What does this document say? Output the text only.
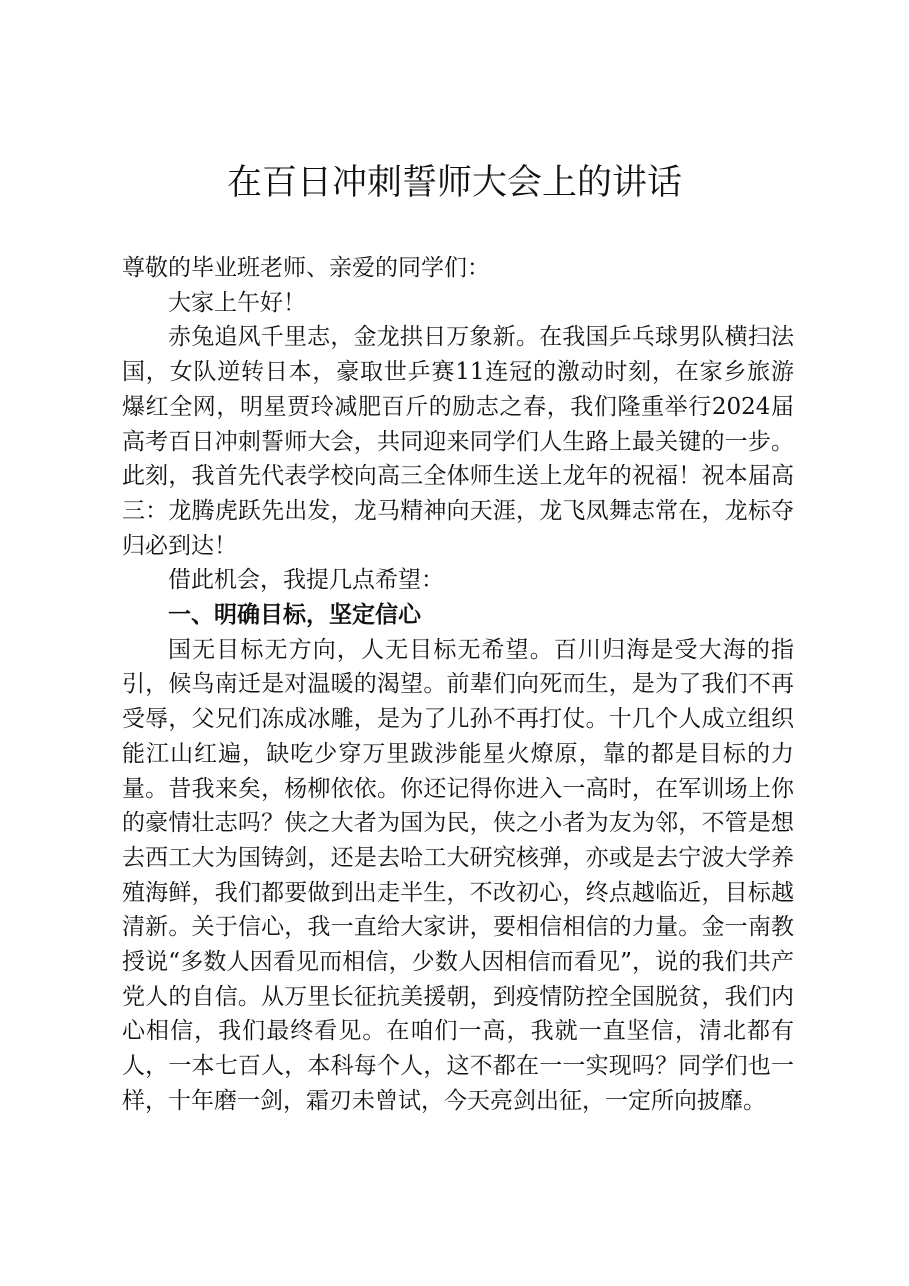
在百日冲刺誓师大会上的讲话

尊敬的毕业班老师、亲爱的同学们：

大家上午好！

赤兔追风千里志，金龙拱日万象新。在我国乒乓球男队横扫法国，女队逆转日本，豪取世乒赛11连冠的激动时刻，在家乡旅游爆红全网，明星贾玲减肥百斤的励志之春，我们隆重举行2024届高考百日冲刺誓师大会，共同迎来同学们人生路上最关键的一步。此刻，我首先代表学校向高三全体师生送上龙年的祝福！祝本届高三：龙腾虎跃先出发，龙马精神向天涯，龙飞凤舞志常在，龙标夺归必到达！

借此机会，我提几点希望：

一、明确目标，坚定信心

国无目标无方向，人无目标无希望。百川归海是受大海的指引，候鸟南迁是对温暖的渴望。前辈们向死而生，是为了我们不再受辱，父兄们冻成冰雕，是为了儿孙不再打仗。十几个人成立组织能江山红遍，缺吃少穿万里跋涉能星火燎原，靠的都是目标的力量。昔我来矣，杨柳依依。你还记得你进入一高时，在军训场上你的豪情壮志吗？侠之大者为国为民，侠之小者为友为邻，不管是想去西工大为国铸剑，还是去哈工大研究核弹，亦或是去宁波大学养殖海鲜，我们都要做到出走半生，不改初心，终点越临近，目标越清新。关于信心，我一直给大家讲，要相信相信的力量。金一南教授说“多数人因看见而相信，少数人因相信而看见”，说的我们共产党人的自信。从万里长征抗美援朝，到疫情防控全国脱贫，我们内心相信，我们最终看见。在咱们一高，我就一直坚信，清北都有人，一本七百人，本科每个人，这不都在一一实现吗？同学们也一样，十年磨一剑，霜刃未曾试，今天亮剑出征，一定所向披靡。
